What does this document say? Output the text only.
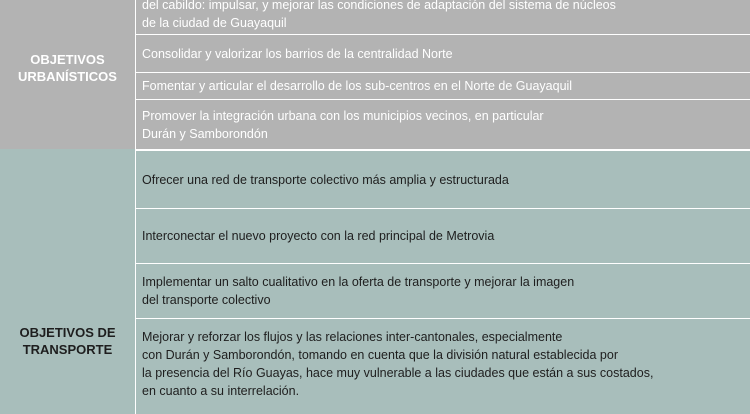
OBJETIVOS
URBANÍSTICOS
del cabildo: impulsar, y mejorar las condiciones de adaptación del sistema de núcleos
de la ciudad de Guayaquil
Consolidar y valorizar los barrios de la centralidad Norte
Fomentar y articular el desarrollo de los sub-centros en el Norte de Guayaquil
Promover la integración urbana con los municipios vecinos, en particular
Durán y Samborondón
OBJETIVOS DE
TRANSPORTE
Ofrecer una red de transporte colectivo más amplia y estructurada
Interconectar el nuevo proyecto con la red principal de Metrovia
Implementar un salto cualitativo en la oferta de transporte y mejorar la imagen
del transporte colectivo
Mejorar y reforzar los flujos y las relaciones inter-cantonales, especialmente
con Durán y Samborondón, tomando en cuenta que la división natural establecida por
la presencia del Río Guayas, hace muy vulnerable a las ciudades que están a sus costados,
en cuanto a su interrelación.
